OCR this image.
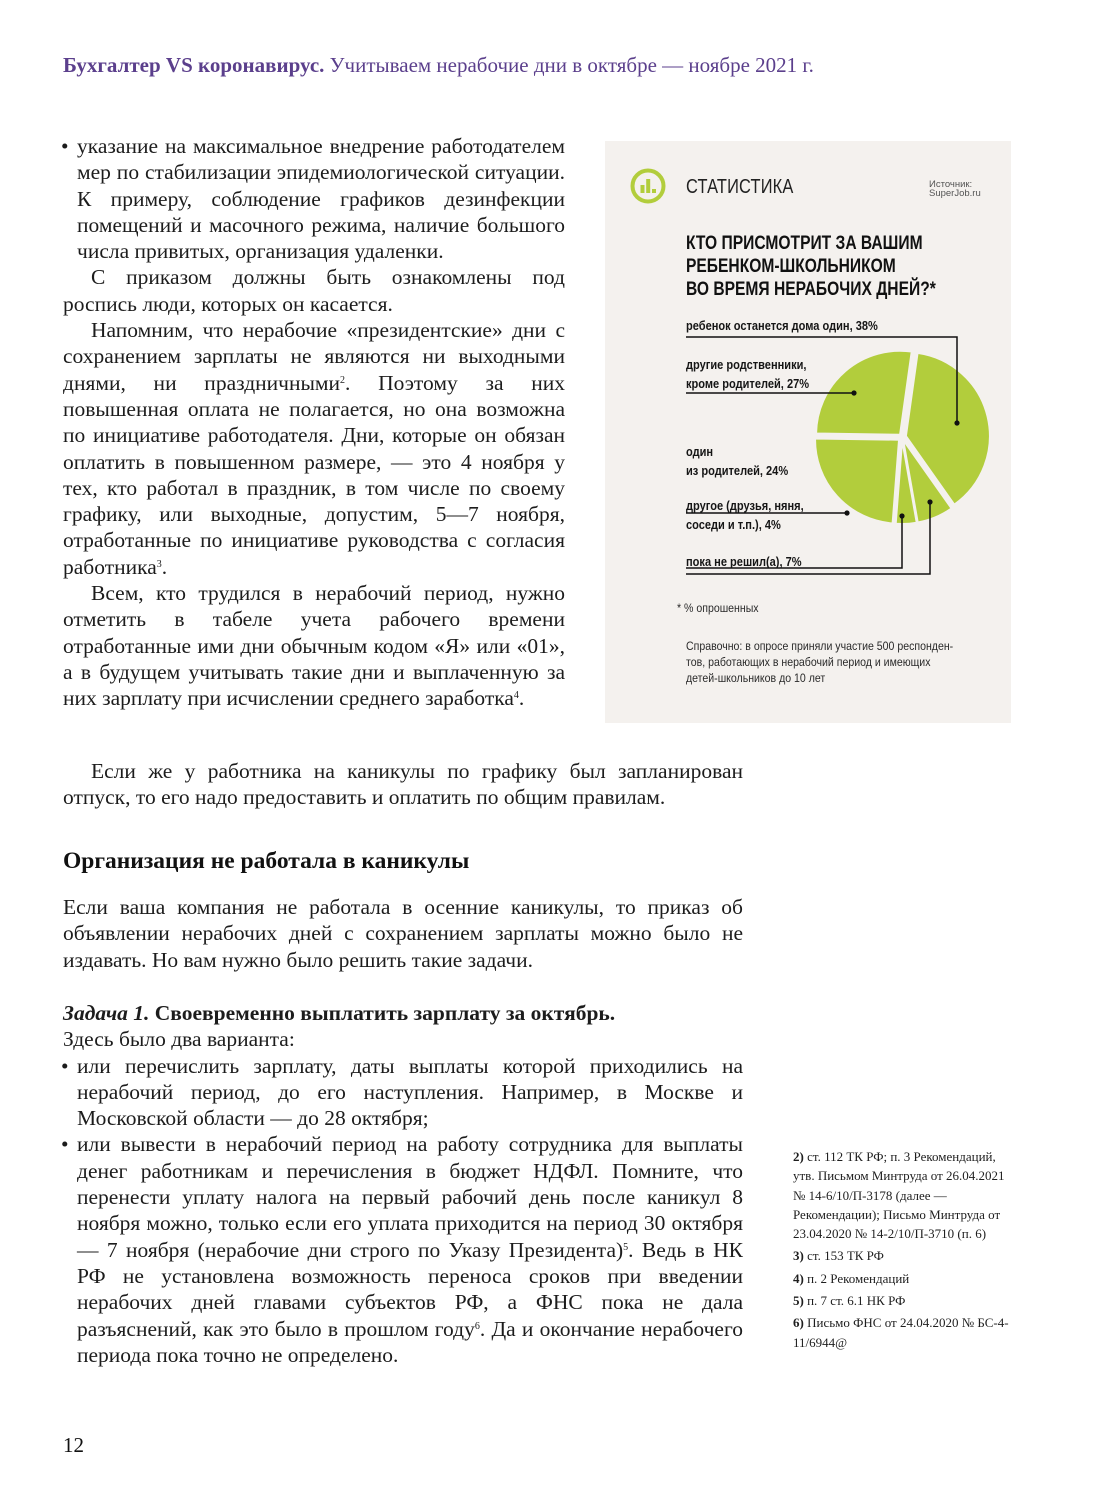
Бухгалтер VS коронавирус. Учитываем нерабочие дни в октябре — ноябре 2021 г.

• указание на максимальное внедрение работодателем мер по стабилизации эпидемиологической ситуации. К примеру, соблюдение графиков дезинфекции помещений и масочного режима, наличие большого числа привитых, организация удаленки.

С приказом должны быть ознакомлены под роспись люди, которых он касается.

Напомним, что нерабочие «президентские» дни с сохранением зарплаты не являются ни выходными днями, ни праздничными$^2$. Поэтому за них повышенная оплата не полагается, но она возможна по инициативе работодателя. Дни, которые он обязан оплатить в повышенном размере, — это 4 ноября у тех, кто работал в праздник, в том числе по своему графику, или выходные, допустим, 5—7 ноября, отработанные по инициативе руководства с согласия работника$^3$.

Всем, кто трудился в нерабочий период, нужно отметить в табеле учета рабочего времени отработанные ими дни обычным кодом «Я» или «01», а в будущем учитывать такие дни и выплаченную за них зарплату при исчислении среднего заработка$^4$.

Если же у работника на каникулы по графику был запланирован отпуск, то его надо предоставить и оплатить по общим правилам.

Организация не работала в каникулы

Если ваша компания не работала в осенние каникулы, то приказ об объявлении нерабочих дней с сохранением зарплаты можно было не издавать. Но вам нужно было решить такие задачи.

Задача 1. Своевременно выплатить зарплату за октябрь.

Здесь было два варианта:

• или перечислить зарплату, даты выплаты которой приходились на нерабочий период, до его наступления. Например, в Москве и Московской области — до 28 октября;

• или вывести в нерабочий период на работу сотрудника для выплаты денег работникам и перечисления в бюджет НДФЛ. Помните, что перенести уплату налога на первый рабочий день после каникул 8 ноября можно, только если его уплата приходится на период 30 октября — 7 ноября (нерабочие дни строго по Указу Президента)$^5$. Ведь в НК РФ не установлена возможность переноса сроков при введении нерабочих дней главами субъектов РФ, а ФНС пока не дала разъяснений, как это было в прошлом году$^6$. Да и окончание нерабочего периода пока точно не определено.

СТАТИСТИКА	Источник:
SuperJob.ru
КТО ПРИСМОТРИТ ЗА ВАШИМ
РЕБЕНКОМ-ШКОЛЬНИКОМ
ВО ВРЕМЯ НЕРАБОЧИХ ДНЕЙ?*
ребенок останется дома один, 38%
другие родственники,
кроме родителей, 27%
один
из родителей, 24%
другое (друзья, няня,
соседи и т.п.), 4%
пока не решил(а), 7%
* % опрошенных
Справочно: в опросе приняли участие 500 респонден-
тов, работающих в нерабочий период и имеющих
детей-школьников до 10 лет

2) ст. 112 ТК РФ; п. 3 Рекомендаций, утв. Письмом Минтруда от 26.04.2021 № 14-6/10/П-3178 (далее — Рекомендации); Письмо Минтруда от 23.04.2020 № 14-2/10/П-3710 (п. 6)

3) ст. 153 ТК РФ

4) п. 2 Рекомендаций

5) п. 7 ст. 6.1 НК РФ

6) Письмо ФНС от 24.04.2020 № БС-4-11/6944@

12
